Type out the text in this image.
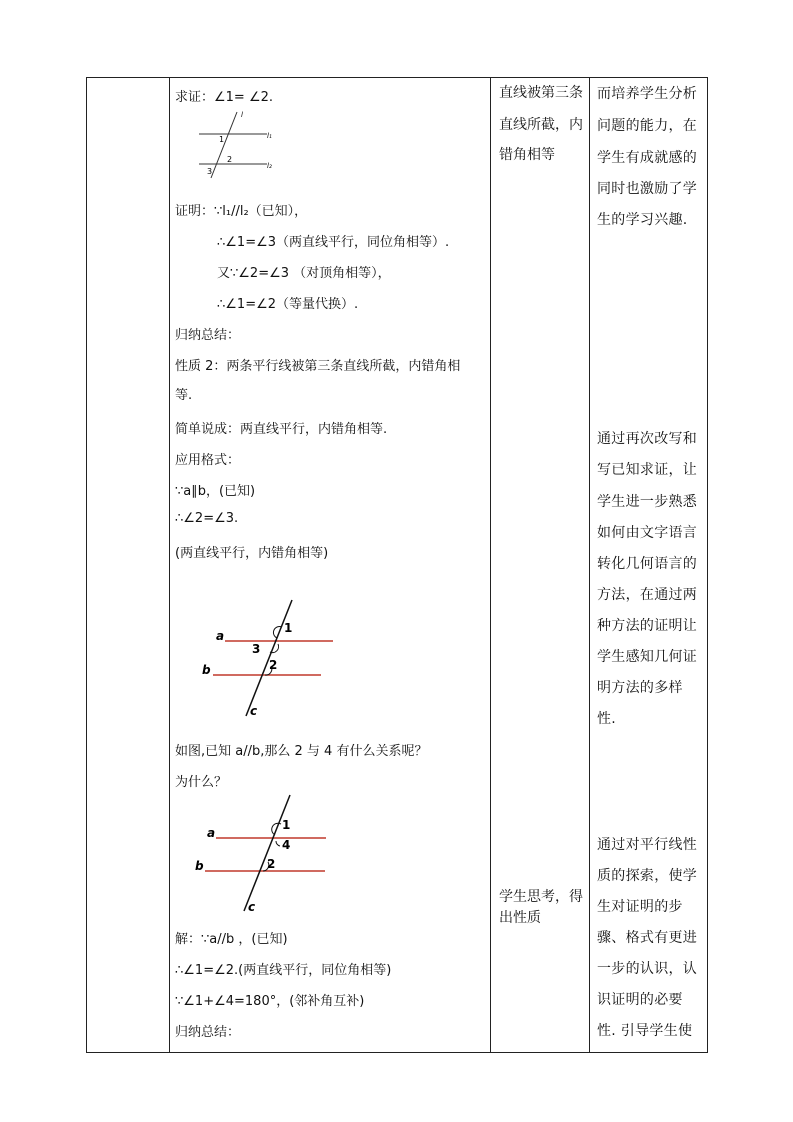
求证：∠1= ∠2.
l
l₁
l₂
1
2
3
证明：∵l₁//l₂（已知），
∴∠1=∠3（两直线平行，同位角相等）.
又∵∠2=∠3 （对顶角相等），
∴∠1=∠2（等量代换）.
归纳总结：
性质 2：两条平行线被第三条直线所截，内错角相
等.
简单说成：两直线平行，内错角相等.
应用格式：
∵a∥b，(已知)
∴∠2=∠3.
(两直线平行，内错角相等)
a
b
c
1
3
2
如图,已知 a//b,那么 2 与 4 有什么关系呢？
为什么？
a
b
c
1
4
2
解：∵a//b ，(已知)
∴∠1=∠2.(两直线平行，同位角相等)
∵∠1+∠4=180°，(邻补角互补)
归纳总结：
直线被第三条
直线所截，内
错角相等
学生思考，得
出性质
而培养学生分析
问题的能力，在
学生有成就感的
同时也激励了学
生的学习兴趣.
通过再次改写和
写已知求证，让
学生进一步熟悉
如何由文字语言
转化几何语言的
方法，在通过两
种方法的证明让
学生感知几何证
明方法的多样
性.
通过对平行线性
质的探索，使学
生对证明的步
骤、格式有更进
一步的认识，认
识证明的必要
性. 引导学生使
